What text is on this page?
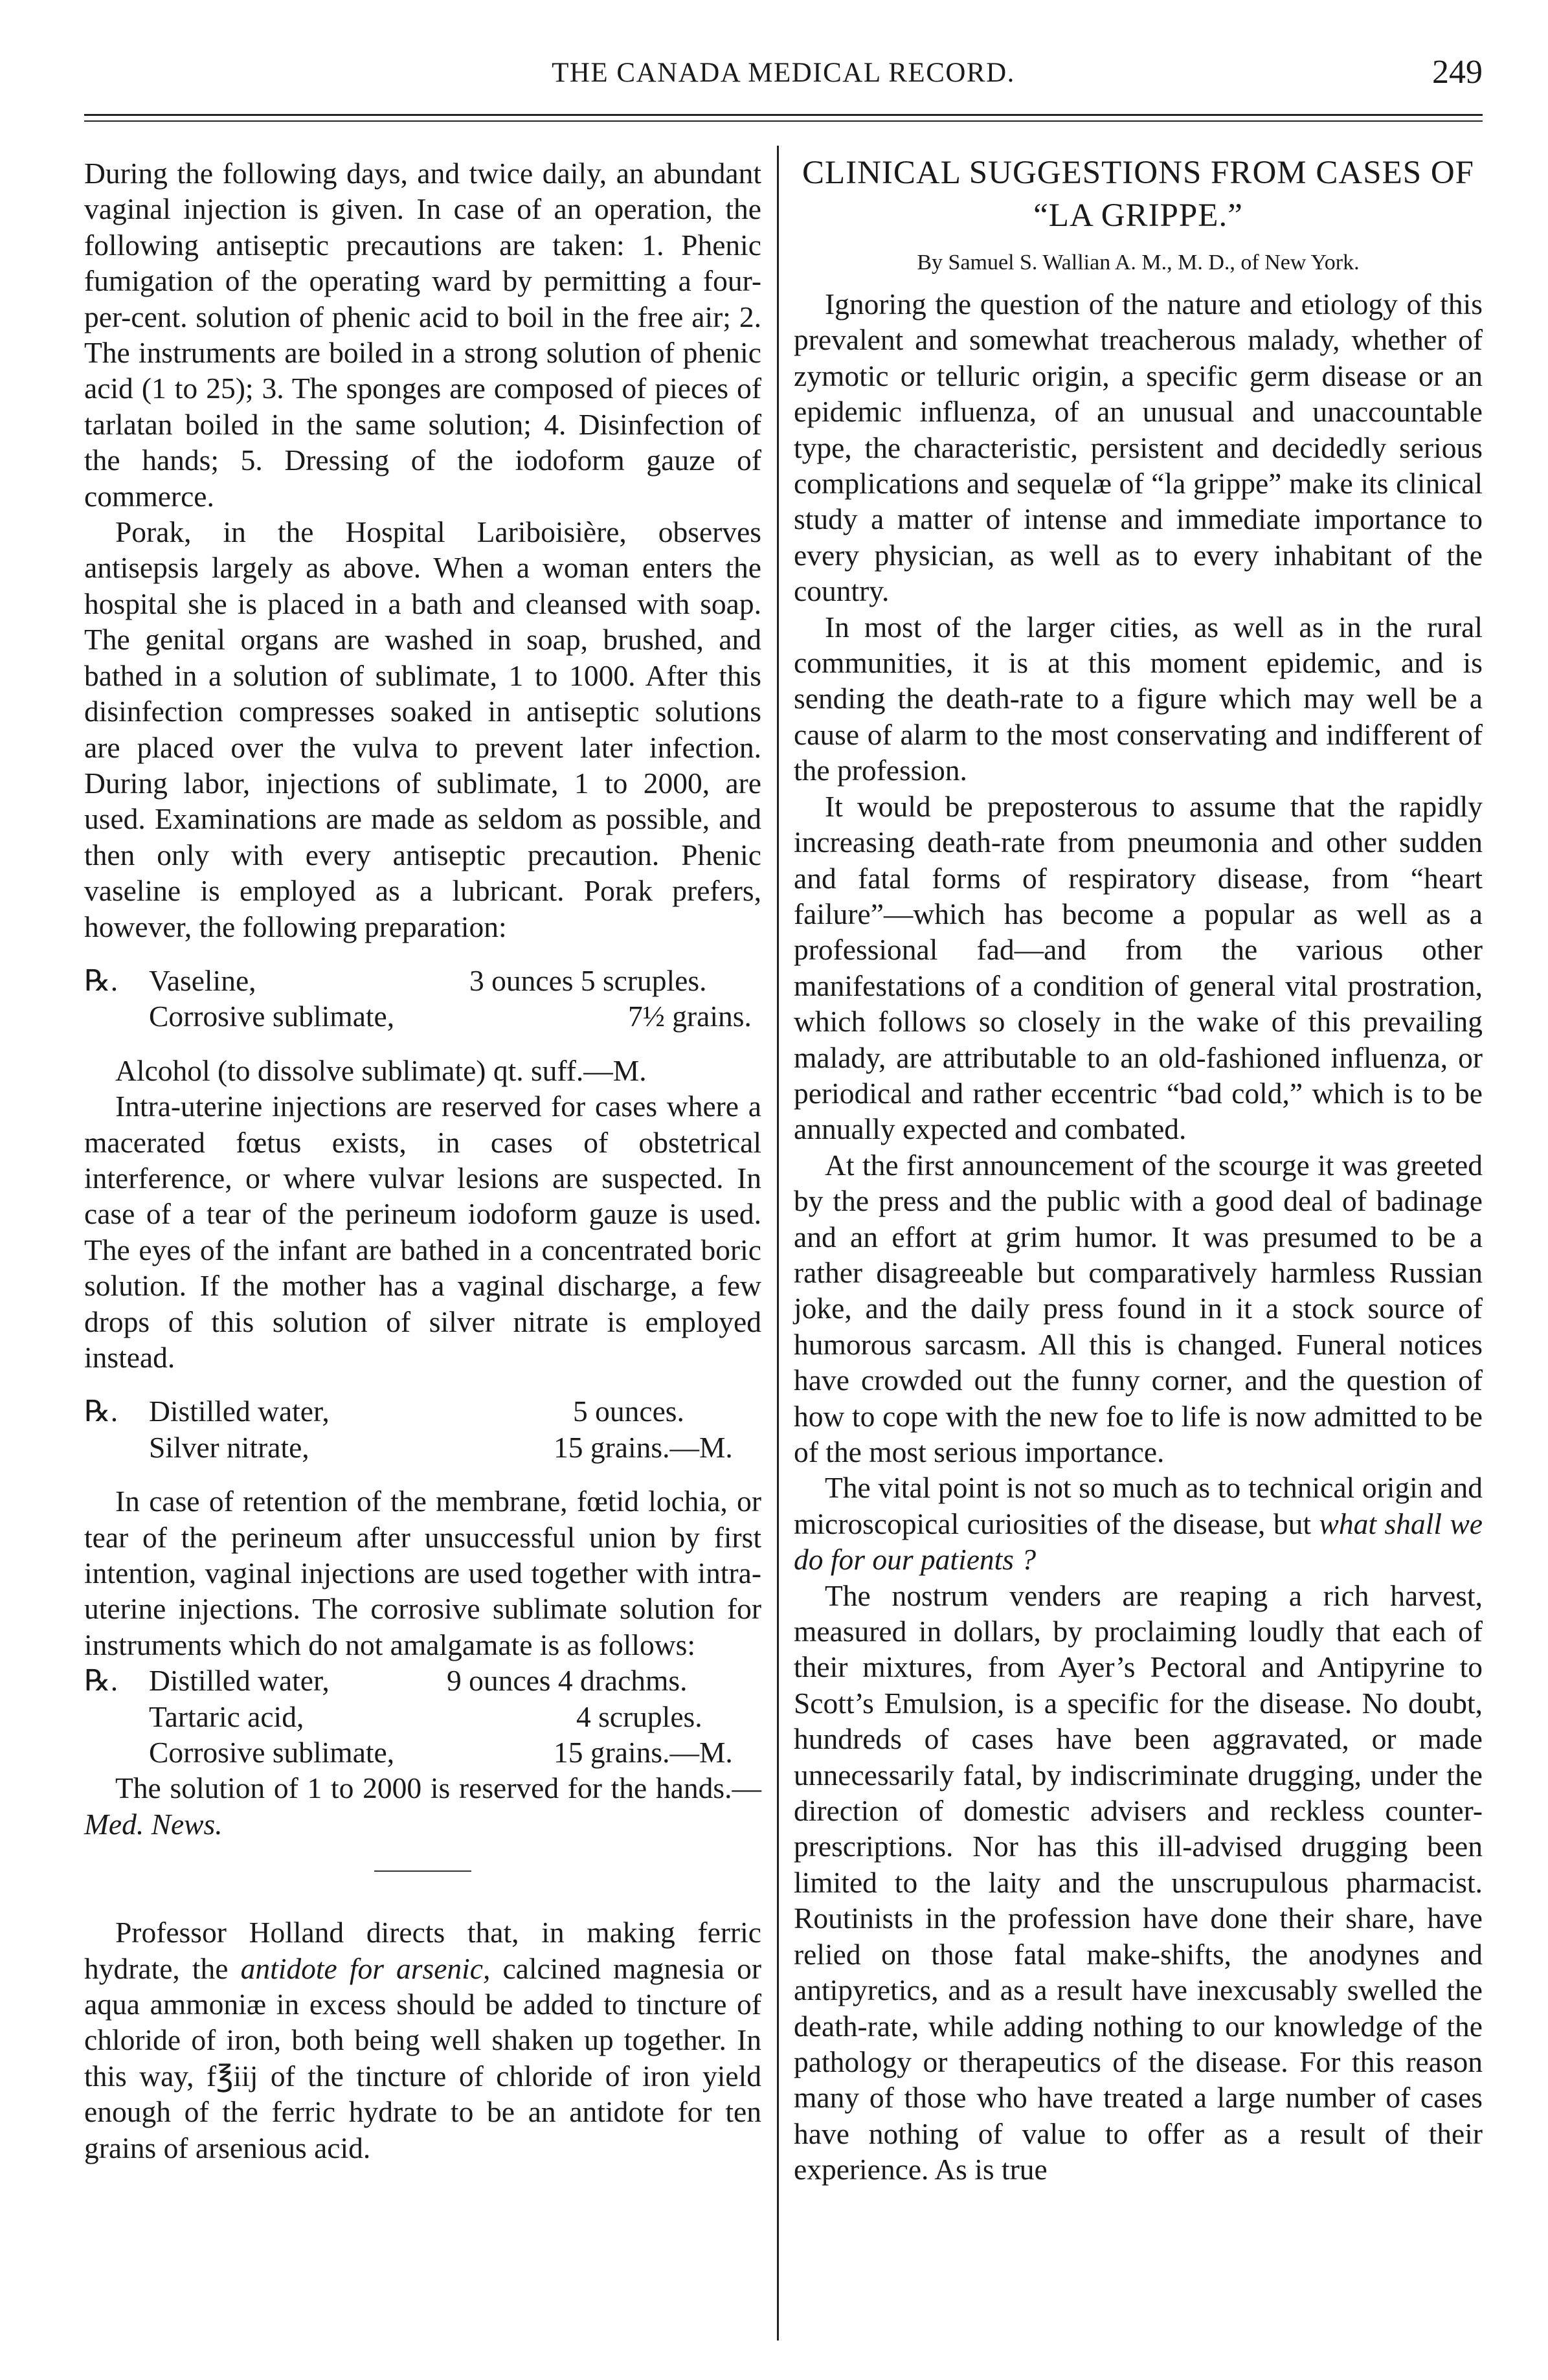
THE CANADA MEDICAL RECORD.	249

During the following days, and twice daily, an abundant vaginal injection is given. In case of an operation, the following antiseptic precautions are taken: 1. Phenic fumigation of the operating ward by permitting a four-per-cent. solution of phenic acid to boil in the free air; 2. The instruments are boiled in a strong solution of phenic acid (1 to 25); 3. The sponges are composed of pieces of tarlatan boiled in the same solution; 4. Disinfection of the hands; 5. Dressing of the iodoform gauze of commerce.

Porak, in the Hospital Lariboisière, observes antisepsis largely as above. When a woman enters the hospital she is placed in a bath and cleansed with soap. The genital organs are washed in soap, brushed, and bathed in a solution of sublimate, 1 to 1000. After this disinfection compresses soaked in antiseptic solutions are placed over the vulva to prevent later infection. During labor, injections of sublimate, 1 to 2000, are used. Examinations are made as seldom as possible, and then only with every antiseptic precaution. Phenic vaseline is employed as a lubricant. Porak prefers, however, the following preparation:

℞. Vaseline,	3 ounces 5 scruples.
Corrosive sublimate,	7½ grains.

Alcohol (to dissolve sublimate) qt. suff.—M.

Intra-uterine injections are reserved for cases where a macerated fœtus exists, in cases of obstetrical interference, or where vulvar lesions are suspected. In case of a tear of the perineum iodoform gauze is used. The eyes of the infant are bathed in a concentrated boric solution. If the mother has a vaginal discharge, a few drops of this solution of silver nitrate is employed instead.

℞. Distilled water,	5 ounces.
Silver nitrate,	15 grains.—M.

In case of retention of the membrane, fœtid lochia, or tear of the perineum after unsuccessful union by first intention, vaginal injections are used together with intra-uterine injections. The corrosive sublimate solution for instruments which do not amalgamate is as follows:

℞. Distilled water,	9 ounces 4 drachms.
Tartaric acid,	4 scruples.
Corrosive sublimate,	15 grains.—M.

The solution of 1 to 2000 is reserved for the hands.—Med. News.

Professor Holland directs that, in making ferric hydrate, the antidote for arsenic, calcined magnesia or aqua ammoniæ in excess should be added to tincture of chloride of iron, both being well shaken up together. In this way, f℥iij of the tincture of chloride of iron yield enough of the ferric hydrate to be an antidote for ten grains of arsenious acid.

CLINICAL SUGGESTIONS FROM CASES OF “LA GRIPPE.”
By Samuel S. Wallian A. M., M. D., of New York.

Ignoring the question of the nature and etiology of this prevalent and somewhat treacherous malady, whether of zymotic or telluric origin, a specific germ disease or an epidemic influenza, of an unusual and unaccountable type, the characteristic, persistent and decidedly serious complications and sequelæ of “la grippe” make its clinical study a matter of intense and immediate importance to every physician, as well as to every inhabitant of the country.

In most of the larger cities, as well as in the rural communities, it is at this moment epidemic, and is sending the death-rate to a figure which may well be a cause of alarm to the most conservating and indifferent of the profession.

It would be preposterous to assume that the rapidly increasing death-rate from pneumonia and other sudden and fatal forms of respiratory disease, from “heart failure”—which has become a popular as well as a professional fad—and from the various other manifestations of a condition of general vital prostration, which follows so closely in the wake of this prevailing malady, are attributable to an old-fashioned influenza, or periodical and rather eccentric “bad cold,” which is to be annually expected and combated.

At the first announcement of the scourge it was greeted by the press and the public with a good deal of badinage and an effort at grim humor. It was presumed to be a rather disagreeable but comparatively harmless Russian joke, and the daily press found in it a stock source of humorous sarcasm. All this is changed. Funeral notices have crowded out the funny corner, and the question of how to cope with the new foe to life is now admitted to be of the most serious importance.

The vital point is not so much as to technical origin and microscopical curiosities of the disease, but what shall we do for our patients ?

The nostrum venders are reaping a rich harvest, measured in dollars, by proclaiming loudly that each of their mixtures, from Ayer’s Pectoral and Antipyrine to Scott’s Emulsion, is a specific for the disease. No doubt, hundreds of cases have been aggravated, or made unnecessarily fatal, by indiscriminate drugging, under the direction of domestic advisers and reckless counter-prescriptions. Nor has this ill-advised drugging been limited to the laity and the unscrupulous pharmacist. Routinists in the profession have done their share, have relied on those fatal make-shifts, the anodynes and antipyretics, and as a result have inexcusably swelled the death-rate, while adding nothing to our knowledge of the pathology or therapeutics of the disease. For this reason many of those who have treated a large number of cases have nothing of value to offer as a result of their experience. As is true
